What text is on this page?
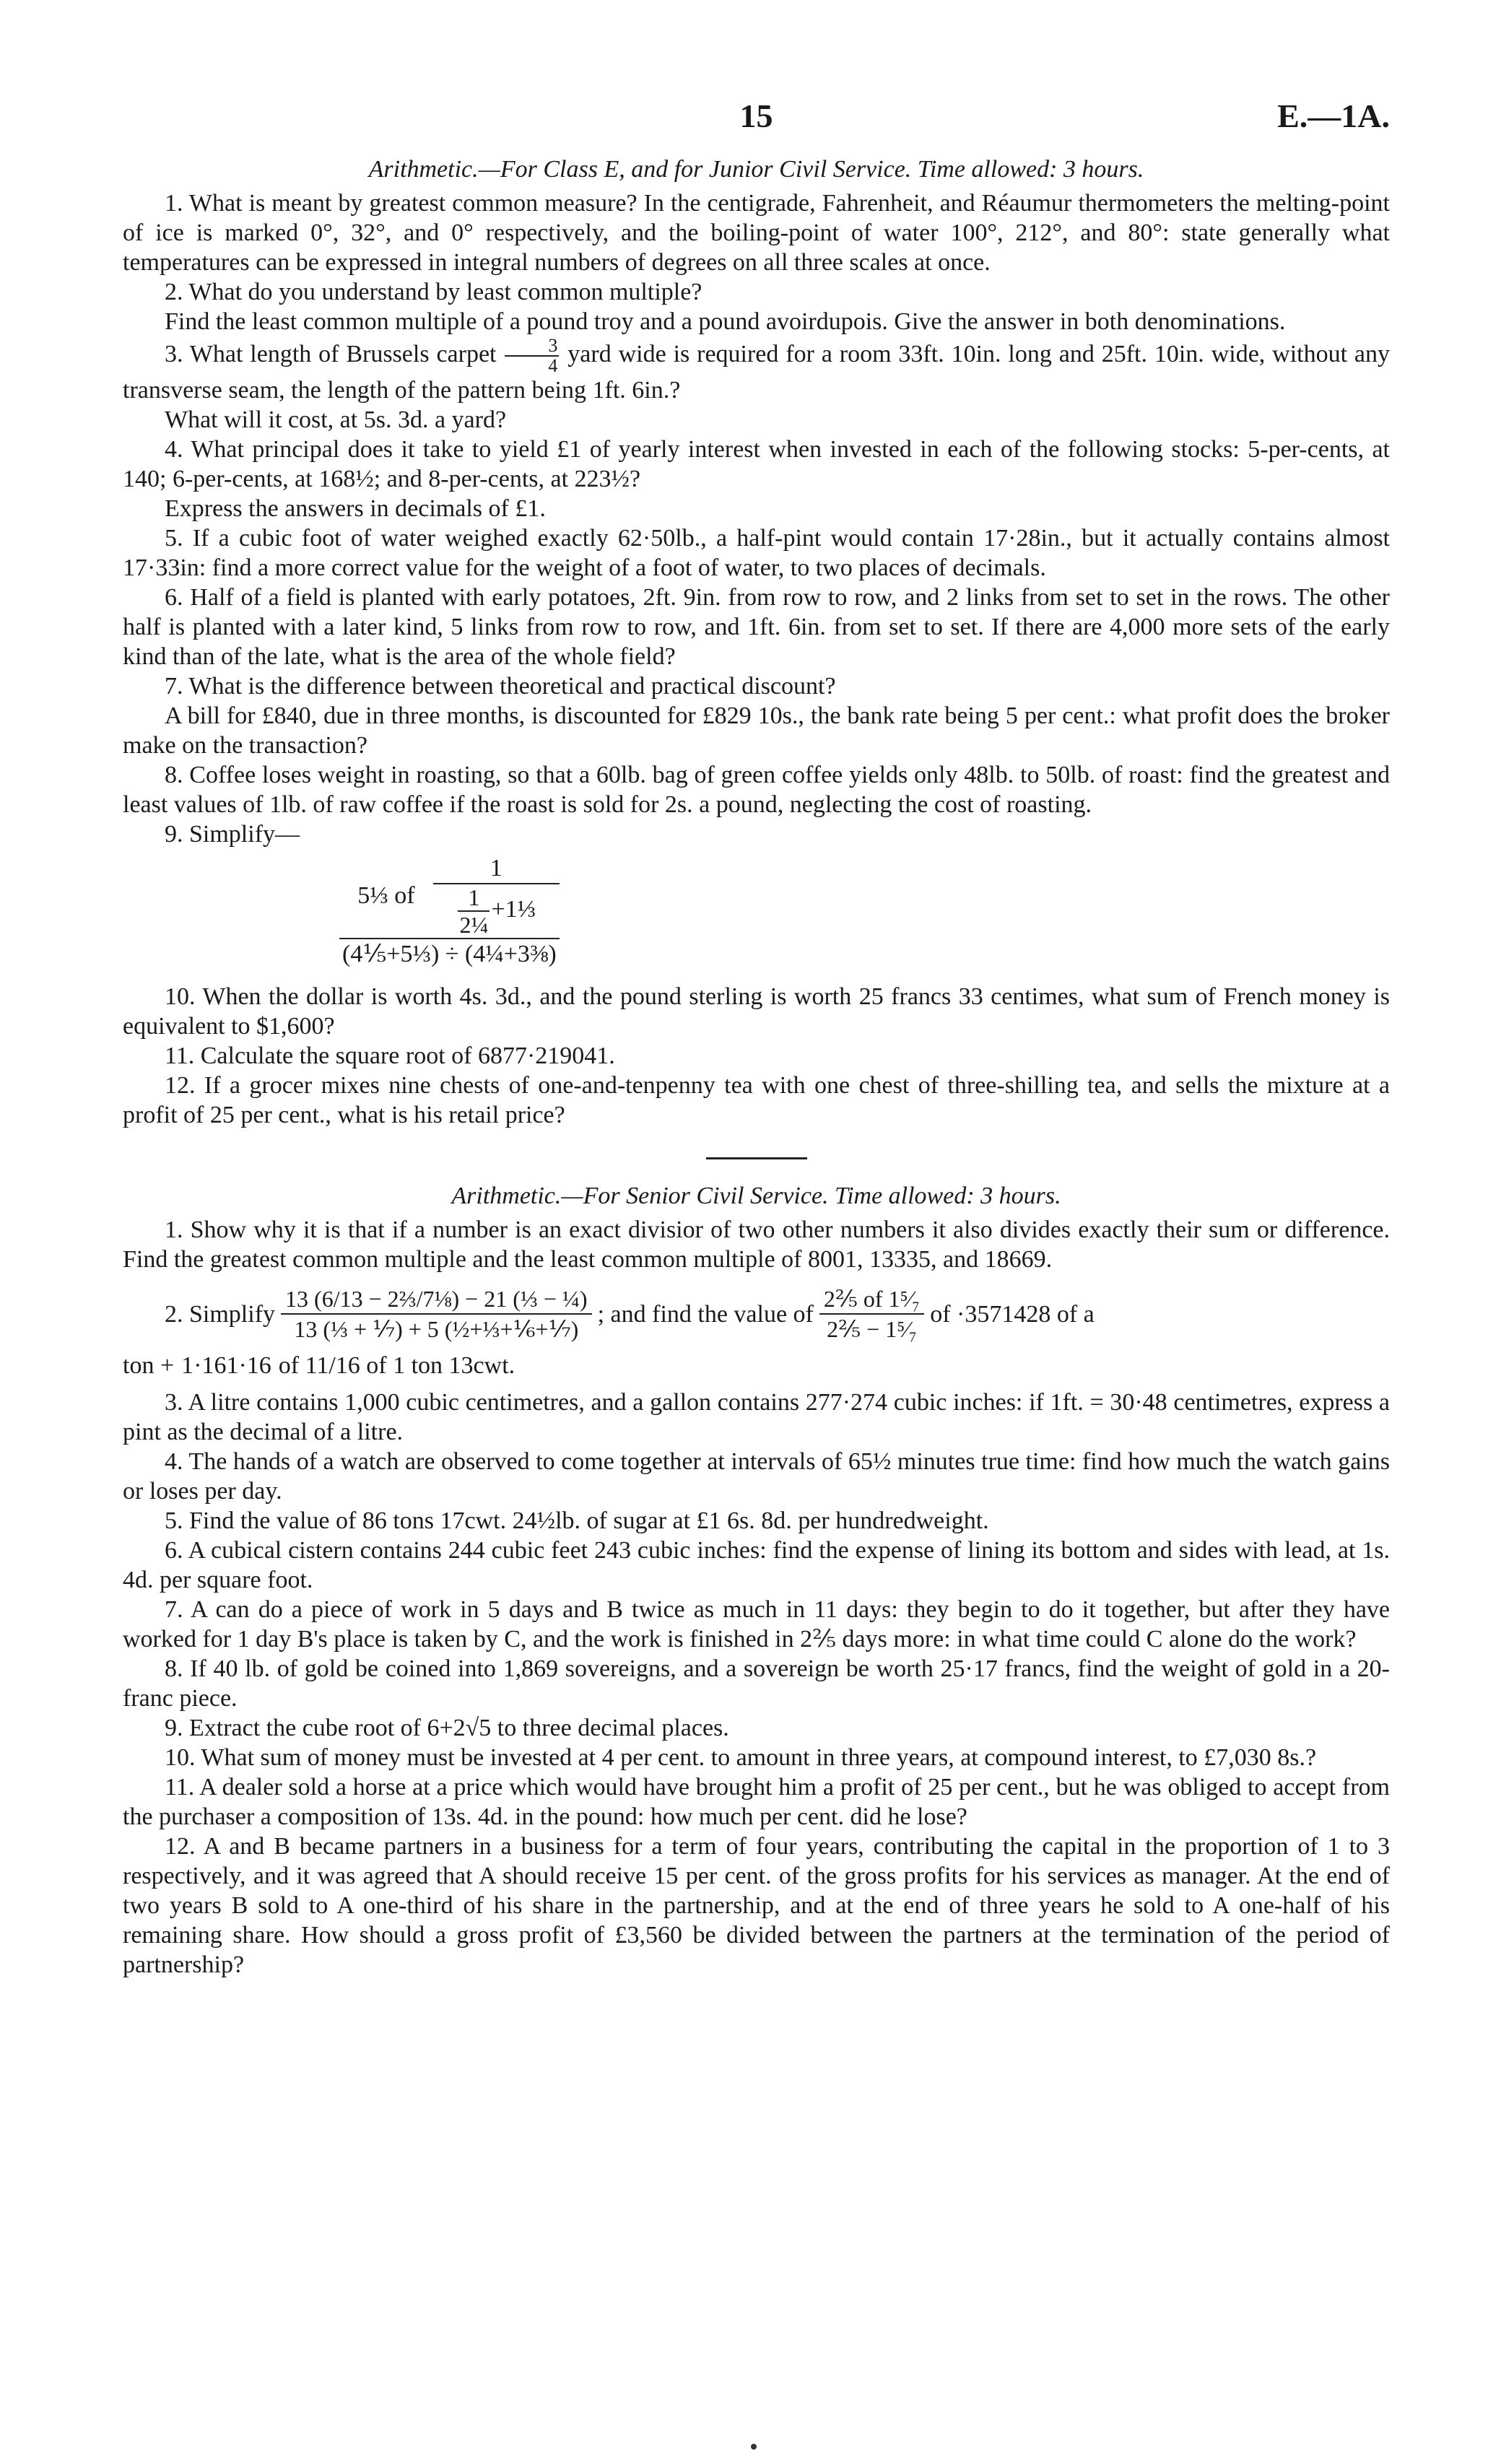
15	E.—1A.
Arithmetic.—For Class E, and for Junior Civil Service. Time allowed: 3 hours.

1. What is meant by greatest common measure? In the centigrade, Fahrenheit, and Réaumur thermometers the melting-point of ice is marked 0°, 32°, and 0° respectively, and the boiling-point of water 100°, 212°, and 80°: state generally what temperatures can be expressed in integral numbers of degrees on all three scales at once.

2. What do you understand by least common multiple?

Find the least common multiple of a pound troy and a pound avoirdupois. Give the answer in both denominations.

3. What length of Brussels carpet $\frac{3}{4}$ yard wide is required for a room 33ft. 10in. long and 25ft. 10in. wide, without any transverse seam, the length of the pattern being 1ft. 6in.?

What will it cost, at 5s. 3d. a yard?

4. What principal does it take to yield £1 of yearly interest when invested in each of the following stocks: 5-per-cents, at 140; 6-per-cents, at 168½; and 8-per-cents, at 223½?

Express the answers in decimals of £1.

5. If a cubic foot of water weighed exactly 62·50lb., a half-pint would contain 17·28in., but it actually contains almost 17·33in: find a more correct value for the weight of a foot of water, to two places of decimals.

6. Half of a field is planted with early potatoes, 2ft. 9in. from row to row, and 2 links from set to set in the rows. The other half is planted with a later kind, 5 links from row to row, and 1ft. 6in. from set to set. If there are 4,000 more sets of the early kind than of the late, what is the area of the whole field?

7. What is the difference between theoretical and practical discount?

A bill for £840, due in three months, is discounted for £829 10s., the bank rate being 5 per cent.: what profit does the broker make on the transaction?

8. Coffee loses weight in roasting, so that a 60lb. bag of green coffee yields only 48lb. to 50lb. of roast: find the greatest and least values of 1lb. of raw coffee if the roast is sold for 2s. a pound, neglecting the cost of roasting.

9. Simplify—

5⅓ of	1

$\frac{1}{\text{2¼}}$ +1⅓

(4⅕+5⅓) ÷ (4¼+3⅜)

10. When the dollar is worth 4s. 3d., and the pound sterling is worth 25 francs 33 centimes, what sum of French money is equivalent to $1,600?

11. Calculate the square root of 6877·219041.

12. If a grocer mixes nine chests of one-and-tenpenny tea with one chest of three-shilling tea, and sells the mixture at a profit of 25 per cent., what is his retail price?

Arithmetic.—For Senior Civil Service. Time allowed: 3 hours.

1. Show why it is that if a number is an exact divisior of two other numbers it also divides exactly their sum or difference. Find the greatest common multiple and the least common multiple of 8001, 13335, and 18669.

2. Simplify $\frac{\text{13 (6/13 − 2⅔/7⅛) − 21 (⅓ − ¼)}}{\text{13 (⅓ + ⅐) + 5 (½+⅓+⅙+⅐)}}$ ; and find the value of $\frac{\text{2⅖ of 1⁵⁄₇}}{\text{2⅖ − 1⁵⁄₇}}$ of ·3571428 of a
ton + 1·161·16 of 11/16 of 1 ton 13cwt.

3. A litre contains 1,000 cubic centimetres, and a gallon contains 277·274 cubic inches: if 1ft. = 30·48 centimetres, express a pint as the decimal of a litre.

4. The hands of a watch are observed to come together at intervals of 65½ minutes true time: find how much the watch gains or loses per day.

5. Find the value of 86 tons 17cwt. 24½lb. of sugar at £1 6s. 8d. per hundredweight.

6. A cubical cistern contains 244 cubic feet 243 cubic inches: find the expense of lining its bottom and sides with lead, at 1s. 4d. per square foot.

7. A can do a piece of work in 5 days and B twice as much in 11 days: they begin to do it together, but after they have worked for 1 day B's place is taken by C, and the work is finished in 2⅖ days more: in what time could C alone do the work?

8. If 40 lb. of gold be coined into 1,869 sovereigns, and a sovereign be worth 25·17 francs, find the weight of gold in a 20-franc piece.

9. Extract the cube root of 6+2√5 to three decimal places.

10. What sum of money must be invested at 4 per cent. to amount in three years, at compound interest, to £7,030 8s.?

11. A dealer sold a horse at a price which would have brought him a profit of 25 per cent., but he was obliged to accept from the purchaser a composition of 13s. 4d. in the pound: how much per cent. did he lose?

12. A and B became partners in a business for a term of four years, contributing the capital in the proportion of 1 to 3 respectively, and it was agreed that A should receive 15 per cent. of the gross profits for his services as manager. At the end of two years B sold to A one-third of his share in the partnership, and at the end of three years he sold to A one-half of his remaining share. How should a gross profit of £3,560 be divided between the partners at the termination of the period of partnership?
